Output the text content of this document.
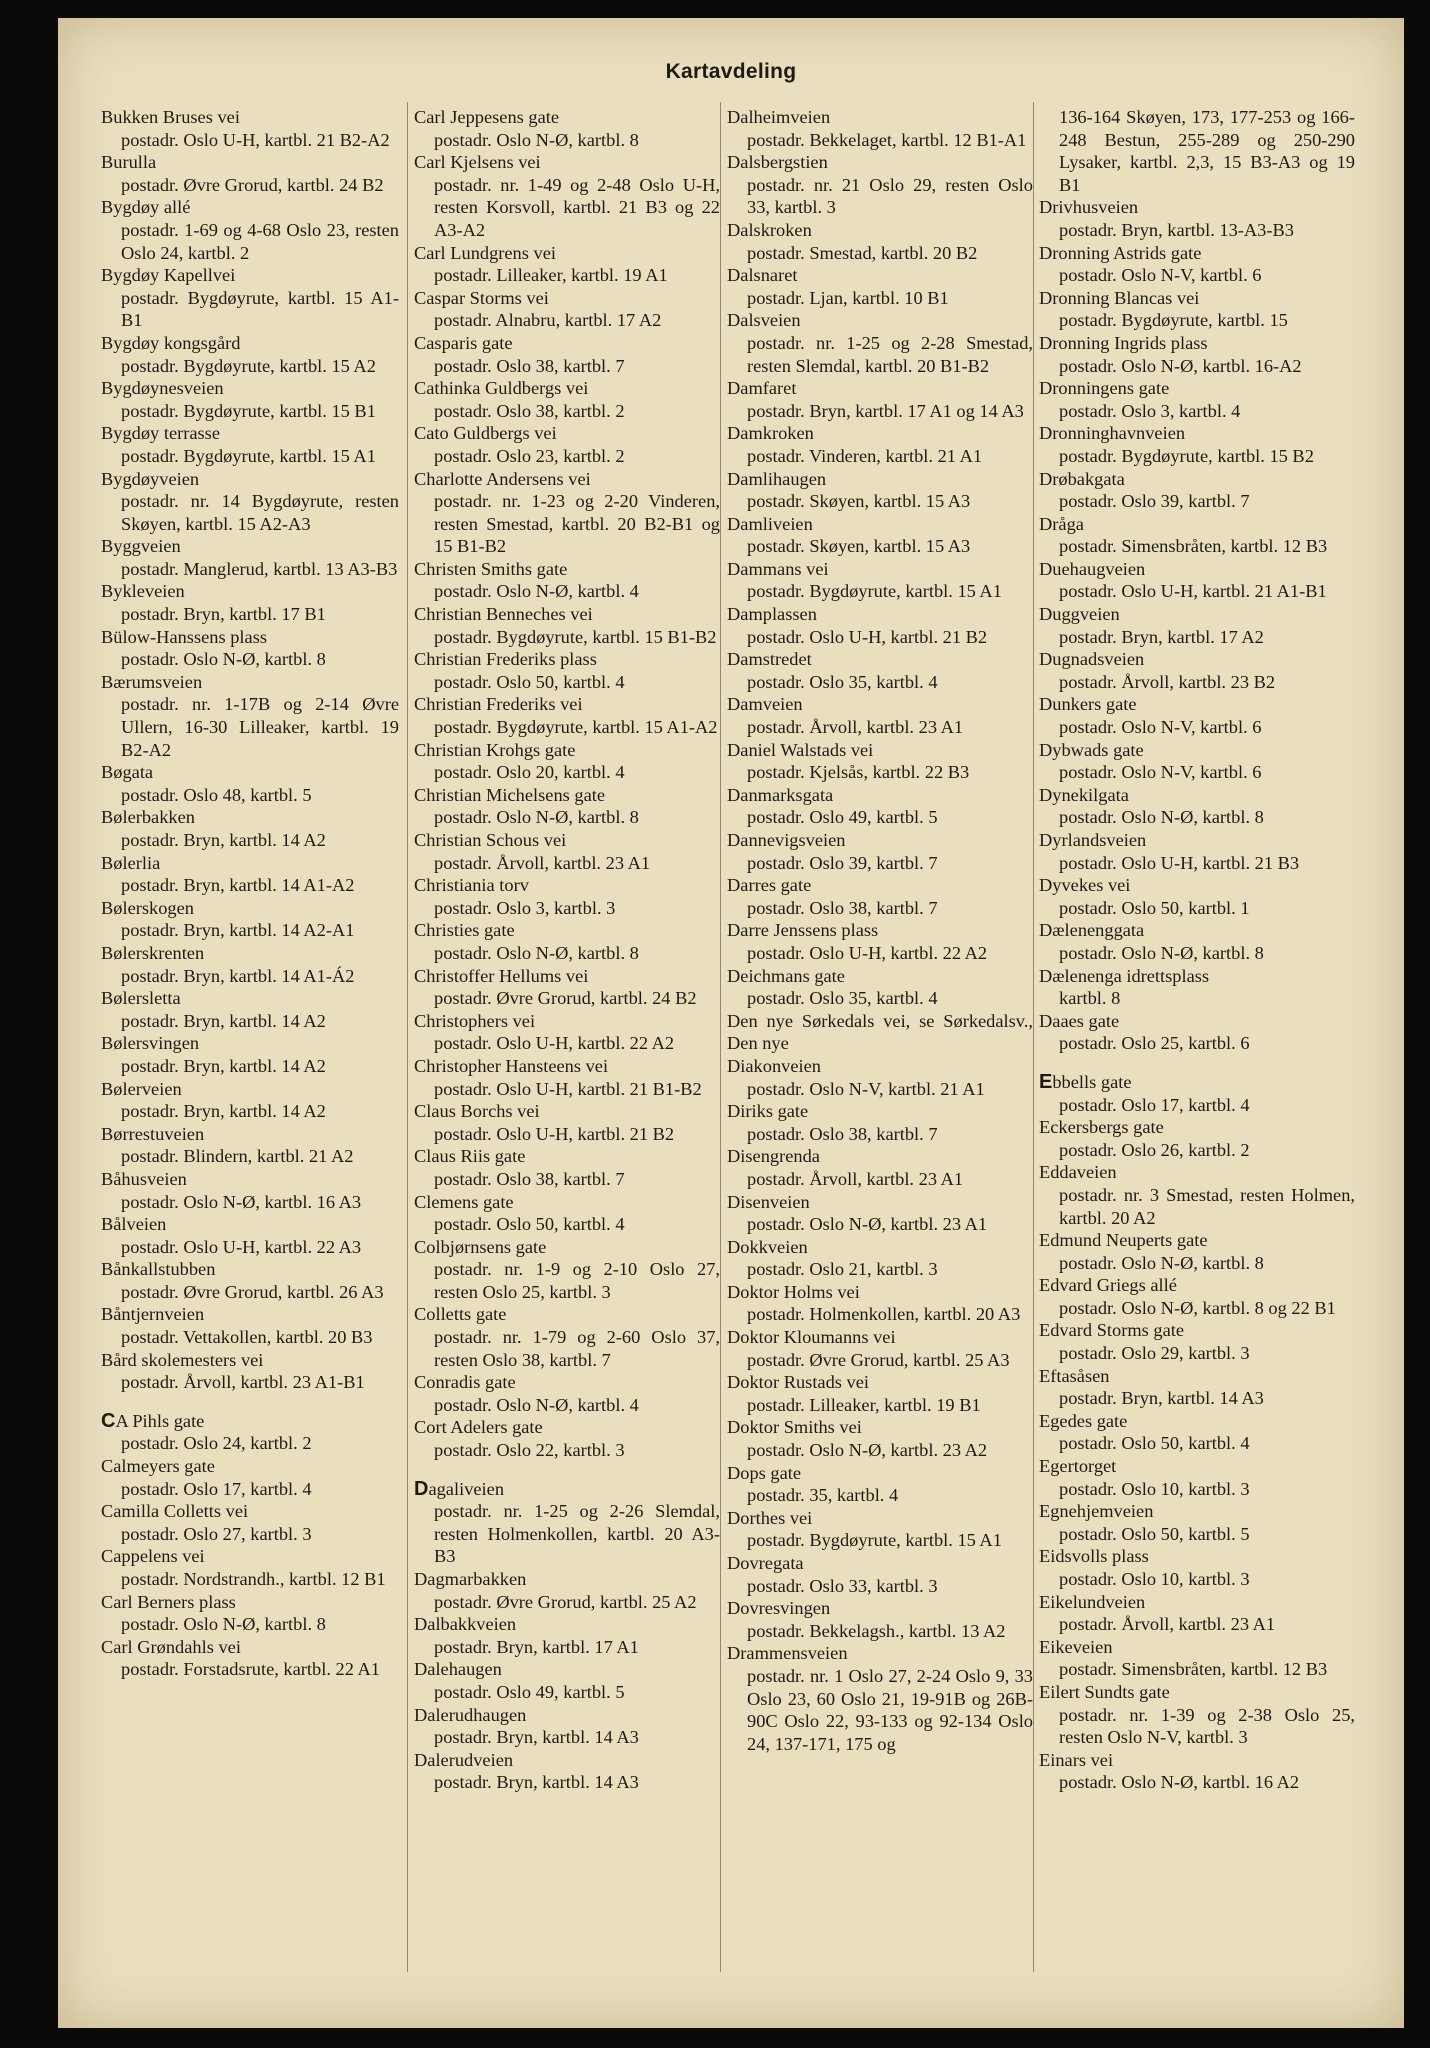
Kartavdeling
Bukken Bruses vei
postadr. Oslo U-H, kartbl. 21 B2-A2
Burulla
postadr. Øvre Grorud, kartbl. 24 B2
Bygdøy allé
postadr. 1-69 og 4-68 Oslo 23, resten Oslo 24, kartbl. 2
Bygdøy Kapellvei
postadr. Bygdøyrute, kartbl. 15 A1-B1
Bygdøy kongsgård
postadr. Bygdøyrute, kartbl. 15 A2
Bygdøynesveien
postadr. Bygdøyrute, kartbl. 15 B1
Bygdøy terrasse
postadr. Bygdøyrute, kartbl. 15 A1
Bygdøyveien
postadr. nr. 14 Bygdøyrute, resten Skøyen, kartbl. 15 A2-A3
Byggveien
postadr. Manglerud, kartbl. 13 A3-B3
Bykleveien
postadr. Bryn, kartbl. 17 B1
Bülow-Hanssens plass
postadr. Oslo N-Ø, kartbl. 8
Bærumsveien
postadr. nr. 1-17B og 2-14 Øvre Ullern, 16-30 Lilleaker, kartbl. 19 B2-A2
Bøgata
postadr. Oslo 48, kartbl. 5
Bølerbakken
postadr. Bryn, kartbl. 14 A2
Bølerlia
postadr. Bryn, kartbl. 14 A1-A2
Bølerskogen
postadr. Bryn, kartbl. 14 A2-A1
Bølerskrenten
postadr. Bryn, kartbl. 14 A1-Á2
Bølersletta
postadr. Bryn, kartbl. 14 A2
Bølersvingen
postadr. Bryn, kartbl. 14 A2
Bølerveien
postadr. Bryn, kartbl. 14 A2
Børrestuveien
postadr. Blindern, kartbl. 21 A2
Båhusveien
postadr. Oslo N-Ø, kartbl. 16 A3
Bålveien
postadr. Oslo U-H, kartbl. 22 A3
Bånkallstubben
postadr. Øvre Grorud, kartbl. 26 A3
Båntjernveien
postadr. Vettakollen, kartbl. 20 B3
Bård skolemesters vei
postadr. Årvoll, kartbl. 23 A1-B1
CA Pihls gate
postadr. Oslo 24, kartbl. 2
Calmeyers gate
postadr. Oslo 17, kartbl. 4
Camilla Colletts vei
postadr. Oslo 27, kartbl. 3
Cappelens vei
postadr. Nordstrandh., kartbl. 12 B1
Carl Berners plass
postadr. Oslo N-Ø, kartbl. 8
Carl Grøndahls vei
postadr. Forstadsrute, kartbl. 22 A1
Carl Jeppesens gate
postadr. Oslo N-Ø, kartbl. 8
Carl Kjelsens vei
postadr. nr. 1-49 og 2-48 Oslo U-H, resten Korsvoll, kartbl. 21 B3 og 22 A3-A2
Carl Lundgrens vei
postadr. Lilleaker, kartbl. 19 A1
Caspar Storms vei
postadr. Alnabru, kartbl. 17 A2
Casparis gate
postadr. Oslo 38, kartbl. 7
Cathinka Guldbergs vei
postadr. Oslo 38, kartbl. 2
Cato Guldbergs vei
postadr. Oslo 23, kartbl. 2
Charlotte Andersens vei
postadr. nr. 1-23 og 2-20 Vinderen, resten Smestad, kartbl. 20 B2-B1 og 15 B1-B2
Christen Smiths gate
postadr. Oslo N-Ø, kartbl. 4
Christian Benneches vei
postadr. Bygdøyrute, kartbl. 15 B1-B2
Christian Frederiks plass
postadr. Oslo 50, kartbl. 4
Christian Frederiks vei
postadr. Bygdøyrute, kartbl. 15 A1-A2
Christian Krohgs gate
postadr. Oslo 20, kartbl. 4
Christian Michelsens gate
postadr. Oslo N-Ø, kartbl. 8
Christian Schous vei
postadr. Årvoll, kartbl. 23 A1
Christiania torv
postadr. Oslo 3, kartbl. 3
Christies gate
postadr. Oslo N-Ø, kartbl. 8
Christoffer Hellums vei
postadr. Øvre Grorud, kartbl. 24 B2
Christophers vei
postadr. Oslo U-H, kartbl. 22 A2
Christopher Hansteens vei
postadr. Oslo U-H, kartbl. 21 B1-B2
Claus Borchs vei
postadr. Oslo U-H, kartbl. 21 B2
Claus Riis gate
postadr. Oslo 38, kartbl. 7
Clemens gate
postadr. Oslo 50, kartbl. 4
Colbjørnsens gate
postadr. nr. 1-9 og 2-10 Oslo 27, resten Oslo 25, kartbl. 3
Colletts gate
postadr. nr. 1-79 og 2-60 Oslo 37, resten Oslo 38, kartbl. 7
Conradis gate
postadr. Oslo N-Ø, kartbl. 4
Cort Adelers gate
postadr. Oslo 22, kartbl. 3
Dagaliveien
postadr. nr. 1-25 og 2-26 Slemdal, resten Holmenkollen, kartbl. 20 A3-B3
Dagmarbakken
postadr. Øvre Grorud, kartbl. 25 A2
Dalbakkveien
postadr. Bryn, kartbl. 17 A1
Dalehaugen
postadr. Oslo 49, kartbl. 5
Dalerudhaugen
postadr. Bryn, kartbl. 14 A3
Dalerudveien
postadr. Bryn, kartbl. 14 A3
Dalheimveien
postadr. Bekkelaget, kartbl. 12 B1-A1
Dalsbergstien
postadr. nr. 21 Oslo 29, resten Oslo 33, kartbl. 3
Dalskroken
postadr. Smestad, kartbl. 20 B2
Dalsnaret
postadr. Ljan, kartbl. 10 B1
Dalsveien
postadr. nr. 1-25 og 2-28 Smestad, resten Slemdal, kartbl. 20 B1-B2
Damfaret
postadr. Bryn, kartbl. 17 A1 og 14 A3
Damkroken
postadr. Vinderen, kartbl. 21 A1
Damlihaugen
postadr. Skøyen, kartbl. 15 A3
Damliveien
postadr. Skøyen, kartbl. 15 A3
Dammans vei
postadr. Bygdøyrute, kartbl. 15 A1
Damplassen
postadr. Oslo U-H, kartbl. 21 B2
Damstredet
postadr. Oslo 35, kartbl. 4
Damveien
postadr. Årvoll, kartbl. 23 A1
Daniel Walstads vei
postadr. Kjelsås, kartbl. 22 B3
Danmarksgata
postadr. Oslo 49, kartbl. 5
Dannevigsveien
postadr. Oslo 39, kartbl. 7
Darres gate
postadr. Oslo 38, kartbl. 7
Darre Jenssens plass
postadr. Oslo U-H, kartbl. 22 A2
Deichmans gate
postadr. Oslo 35, kartbl. 4
Den nye Sørkedals vei, se Sørkedalsv., Den nye
Diakonveien
postadr. Oslo N-V, kartbl. 21 A1
Diriks gate
postadr. Oslo 38, kartbl. 7
Disengrenda
postadr. Årvoll, kartbl. 23 A1
Disenveien
postadr. Oslo N-Ø, kartbl. 23 A1
Dokkveien
postadr. Oslo 21, kartbl. 3
Doktor Holms vei
postadr. Holmenkollen, kartbl. 20 A3
Doktor Kloumanns vei
postadr. Øvre Grorud, kartbl. 25 A3
Doktor Rustads vei
postadr. Lilleaker, kartbl. 19 B1
Doktor Smiths vei
postadr. Oslo N-Ø, kartbl. 23 A2
Dops gate
postadr. 35, kartbl. 4
Dorthes vei
postadr. Bygdøyrute, kartbl. 15 A1
Dovregata
postadr. Oslo 33, kartbl. 3
Dovresvingen
postadr. Bekkelagsh., kartbl. 13 A2
Drammensveien
postadr. nr. 1 Oslo 27, 2-24 Oslo 9, 33 Oslo 23, 60 Oslo 21, 19-91B og 26B-90C Oslo 22, 93-133 og 92-134 Oslo 24, 137-171, 175 og
136-164 Skøyen, 173, 177-253 og 166-248 Bestun, 255-289 og 250-290 Lysaker, kartbl. 2,3, 15 B3-A3 og 19 B1
Drivhusveien
postadr. Bryn, kartbl. 13-A3-B3
Dronning Astrids gate
postadr. Oslo N-V, kartbl. 6
Dronning Blancas vei
postadr. Bygdøyrute, kartbl. 15
Dronning Ingrids plass
postadr. Oslo N-Ø, kartbl. 16-A2
Dronningens gate
postadr. Oslo 3, kartbl. 4
Dronninghavnveien
postadr. Bygdøyrute, kartbl. 15 B2
Drøbakgata
postadr. Oslo 39, kartbl. 7
Dråga
postadr. Simensbråten, kartbl. 12 B3
Duehaugveien
postadr. Oslo U-H, kartbl. 21 A1-B1
Duggveien
postadr. Bryn, kartbl. 17 A2
Dugnadsveien
postadr. Årvoll, kartbl. 23 B2
Dunkers gate
postadr. Oslo N-V, kartbl. 6
Dybwads gate
postadr. Oslo N-V, kartbl. 6
Dynekilgata
postadr. Oslo N-Ø, kartbl. 8
Dyrlandsveien
postadr. Oslo U-H, kartbl. 21 B3
Dyvekes vei
postadr. Oslo 50, kartbl. 1
Dælenenggata
postadr. Oslo N-Ø, kartbl. 8
Dælenenga idrettsplass
kartbl. 8
Daaes gate
postadr. Oslo 25, kartbl. 6
Ebbells gate
postadr. Oslo 17, kartbl. 4
Eckersbergs gate
postadr. Oslo 26, kartbl. 2
Eddaveien
postadr. nr. 3 Smestad, resten Holmen, kartbl. 20 A2
Edmund Neuperts gate
postadr. Oslo N-Ø, kartbl. 8
Edvard Griegs allé
postadr. Oslo N-Ø, kartbl. 8 og 22 B1
Edvard Storms gate
postadr. Oslo 29, kartbl. 3
Eftasåsen
postadr. Bryn, kartbl. 14 A3
Egedes gate
postadr. Oslo 50, kartbl. 4
Egertorget
postadr. Oslo 10, kartbl. 3
Egnehjemveien
postadr. Oslo 50, kartbl. 5
Eidsvolls plass
postadr. Oslo 10, kartbl. 3
Eikelundveien
postadr. Årvoll, kartbl. 23 A1
Eikeveien
postadr. Simensbråten, kartbl. 12 B3
Eilert Sundts gate
postadr. nr. 1-39 og 2-38 Oslo 25, resten Oslo N-V, kartbl. 3
Einars vei
postadr. Oslo N-Ø, kartbl. 16 A2
